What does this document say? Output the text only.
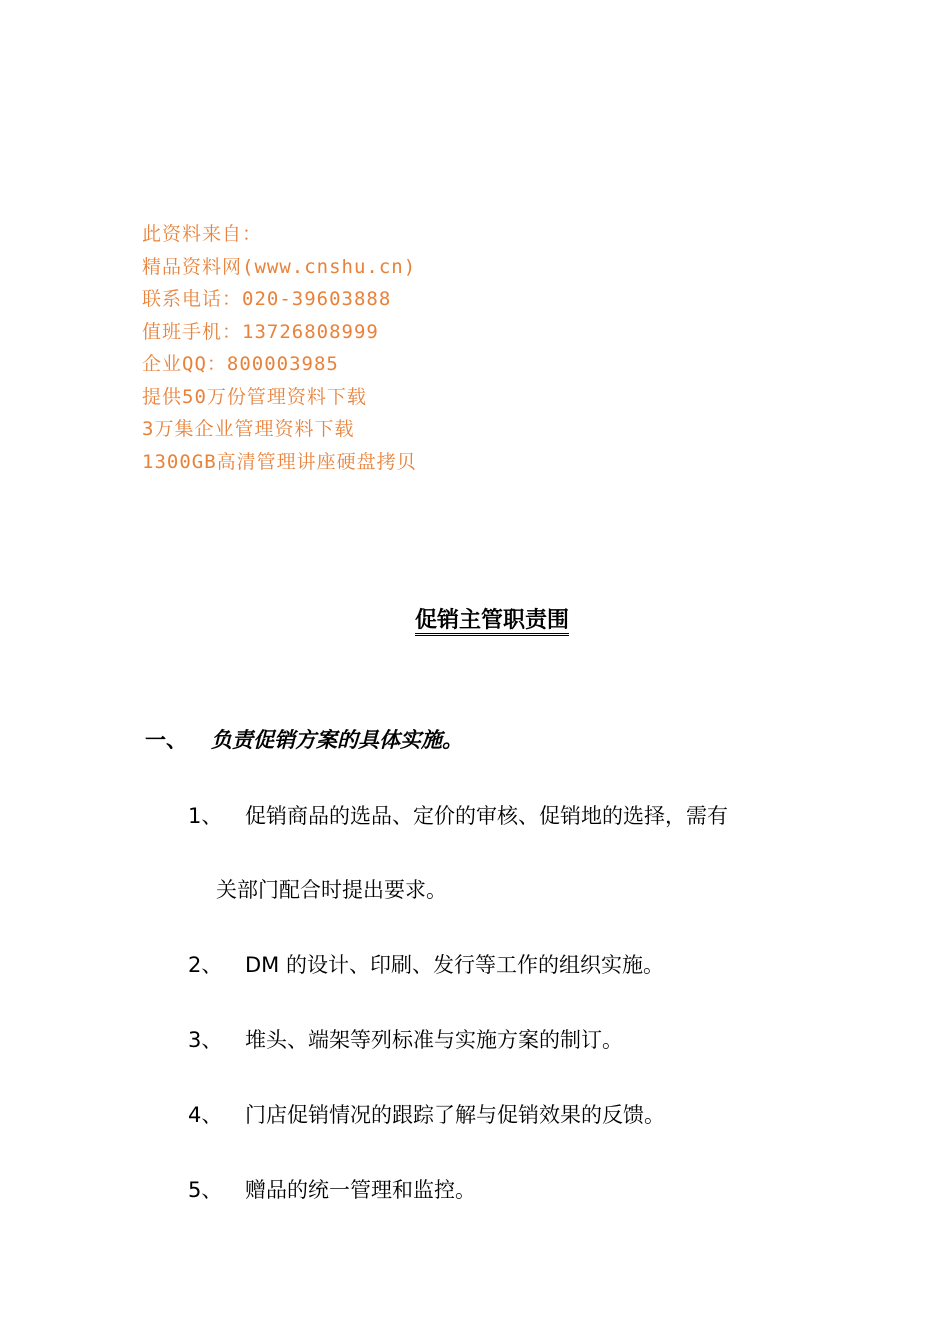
此资料来自：
精品资料网(www.cnshu.cn)
联系电话：020-39603888
值班手机：13726808999
企业QQ：800003985
提供50万份管理资料下载
3万集企业管理资料下载
1300GB高清管理讲座硬盘拷贝
促销主管职责围
一、 负责促销方案的具体实施。
1、 促销商品的选品、定价的审核、促销地的选择，需有
关部门配合时提出要求。
2、 DM 的设计、印刷、发行等工作的组织实施。
3、 堆头、端架等列标准与实施方案的制订。
4、 门店促销情况的跟踪了解与促销效果的反馈。
5、 赠品的统一管理和监控。
